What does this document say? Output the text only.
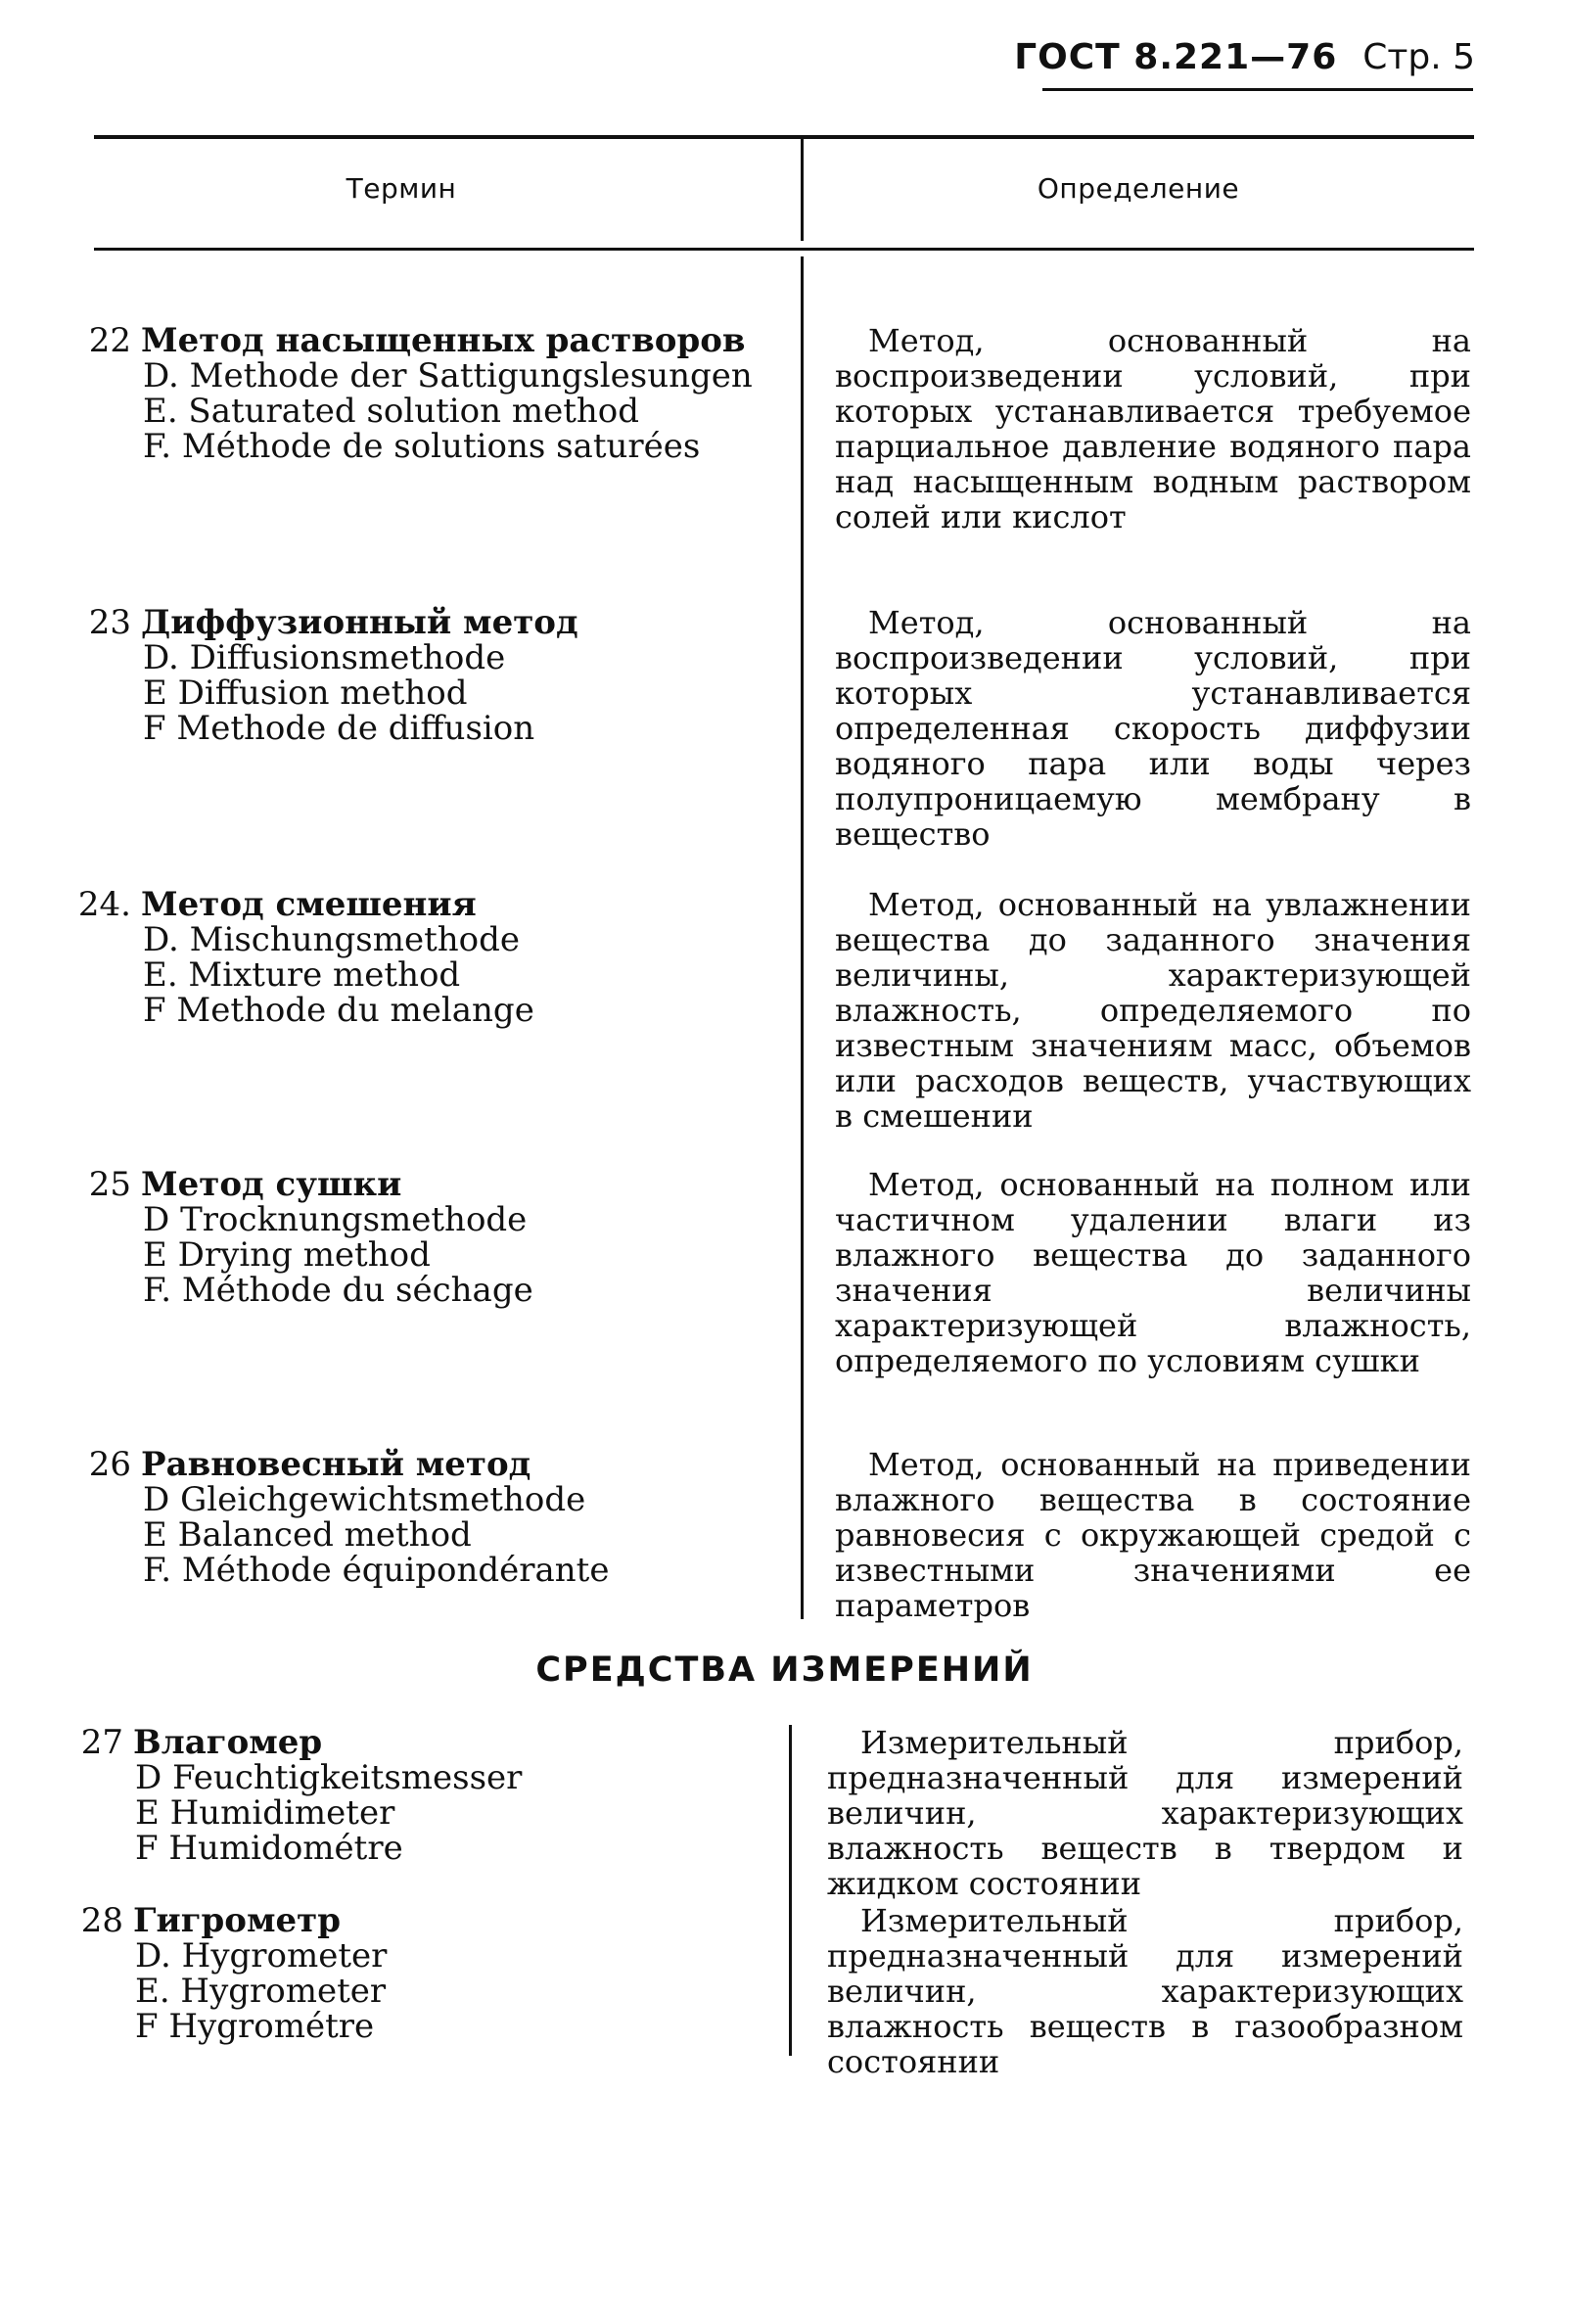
ГОСТ 8.221—76 Стр. 5
Термин	Определение
22 Метод насыщенных растворов
D. Methode der Sattigungslesungen
E. Saturated solution method
F. Méthode de solutions saturées
Метод, основанный на воспроизведении условий, при которых устанавливается требуемое парциальное давление водяного пара над насыщенным водным раствором солей или кислот
23 Диффузионный метод
D. Diffusionsmethode
E Diffusion method
F Methode de diffusion
Метод, основанный на воспроизведении условий, при которых устанавливается определенная скорость диффузии водяного пара или воды через полупроницаемую мембрану в вещество
24. Метод смешения
D. Mischungsmethode
E. Mixture method
F Methode du melange
Метод, основанный на увлажнении вещества до заданного значения величины, характеризующей влажность, определяемого по известным значениям масс, объемов или расходов веществ, участвующих в смешении
25 Метод сушки
D Trocknungsmethode
E Drying method
F. Méthode du séchage
Метод, основанный на полном или частичном удалении влаги из влажного вещества до заданного значения величины характеризующей влажность, определяемого по условиям сушки
26 Равновесный метод
D Gleichgewichtsmethode
E Balanced method
F. Méthode équipondérante
Метод, основанный на приведении влажного вещества в состояние равновесия с окружающей средой с известными значениями ее параметров
СРЕДСТВА ИЗМЕРЕНИЙ
27 Влагомер
D Feuchtigkeitsmesser
E Humidimeter
F Humidométre
Измерительный прибор, предназначенный для измерений величин, характеризующих влажность веществ в твердом и жидком состоянии
28 Гигрометр
D. Hygrometer
E. Hygrometer
F Hygrométre
Измерительный прибор, предназначенный для измерений величин, характеризующих влажность веществ в газообразном состоянии
